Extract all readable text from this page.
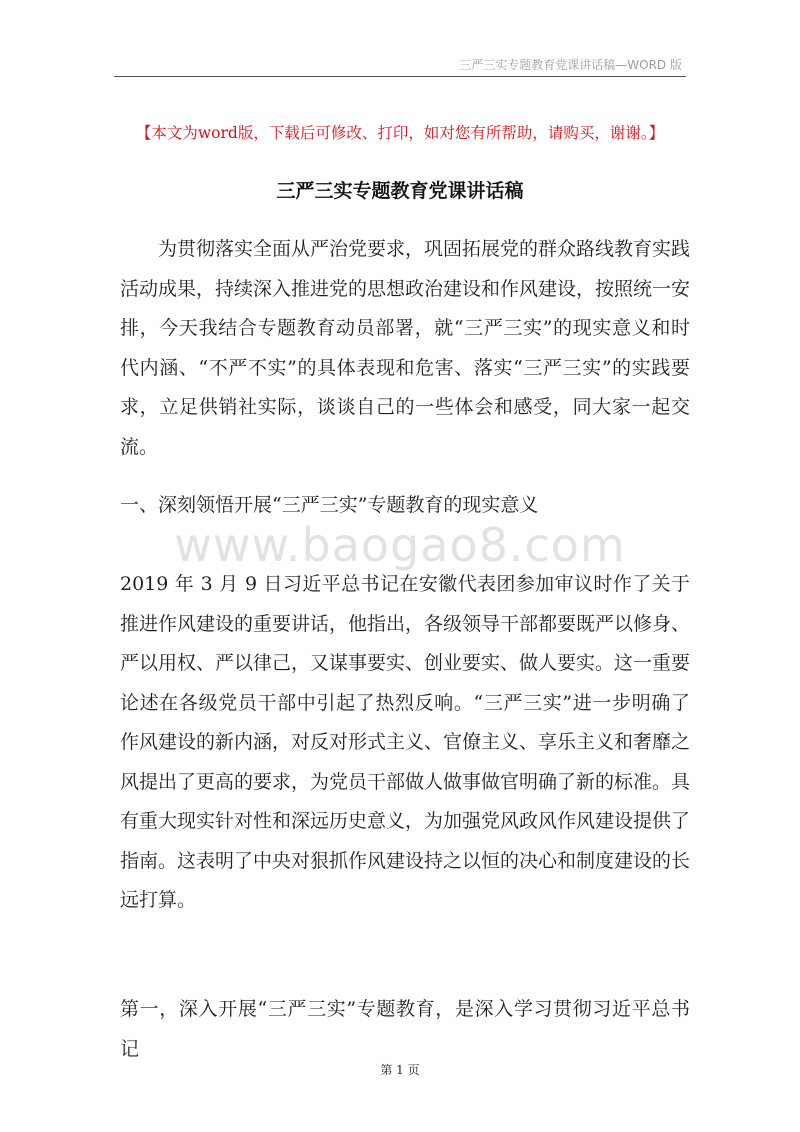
三严三实专题教育党课讲话稿—WORD 版
【本文为word版，下载后可修改、打印，如对您有所帮助，请购买，谢谢。】
三严三实专题教育党课讲话稿

为贯彻落实全面从严治党要求，巩固拓展党的群众路线教育实践活动成果，持续深入推进党的思想政治建设和作风建设，按照统一安排，今天我结合专题教育动员部署，就“三严三实”的现实意义和时代内涵、“不严不实”的具体表现和危害、落实“三严三实”的实践要求，立足供销社实际，谈谈自己的一些体会和感受，同大家一起交流。

一、深刻领悟开展“三严三实”专题教育的现实意义

www.baogao8.com

2019 年 3 月 9 日习近平总书记在安徽代表团参加审议时作了关于推进作风建设的重要讲话，他指出，各级领导干部都要既严以修身、严以用权、严以律己，又谋事要实、创业要实、做人要实。这一重要论述在各级党员干部中引起了热烈反响。“三严三实”进一步明确了作风建设的新内涵，对反对形式主义、官僚主义、享乐主义和奢靡之风提出了更高的要求，为党员干部做人做事做官明确了新的标准。具有重大现实针对性和深远历史意义，为加强党风政风作风建设提供了指南。这表明了中央对狠抓作风建设持之以恒的决心和制度建设的长远打算。

第一，深入开展“三严三实”专题教育，是深入学习贯彻习近平总书记

第 1 页
